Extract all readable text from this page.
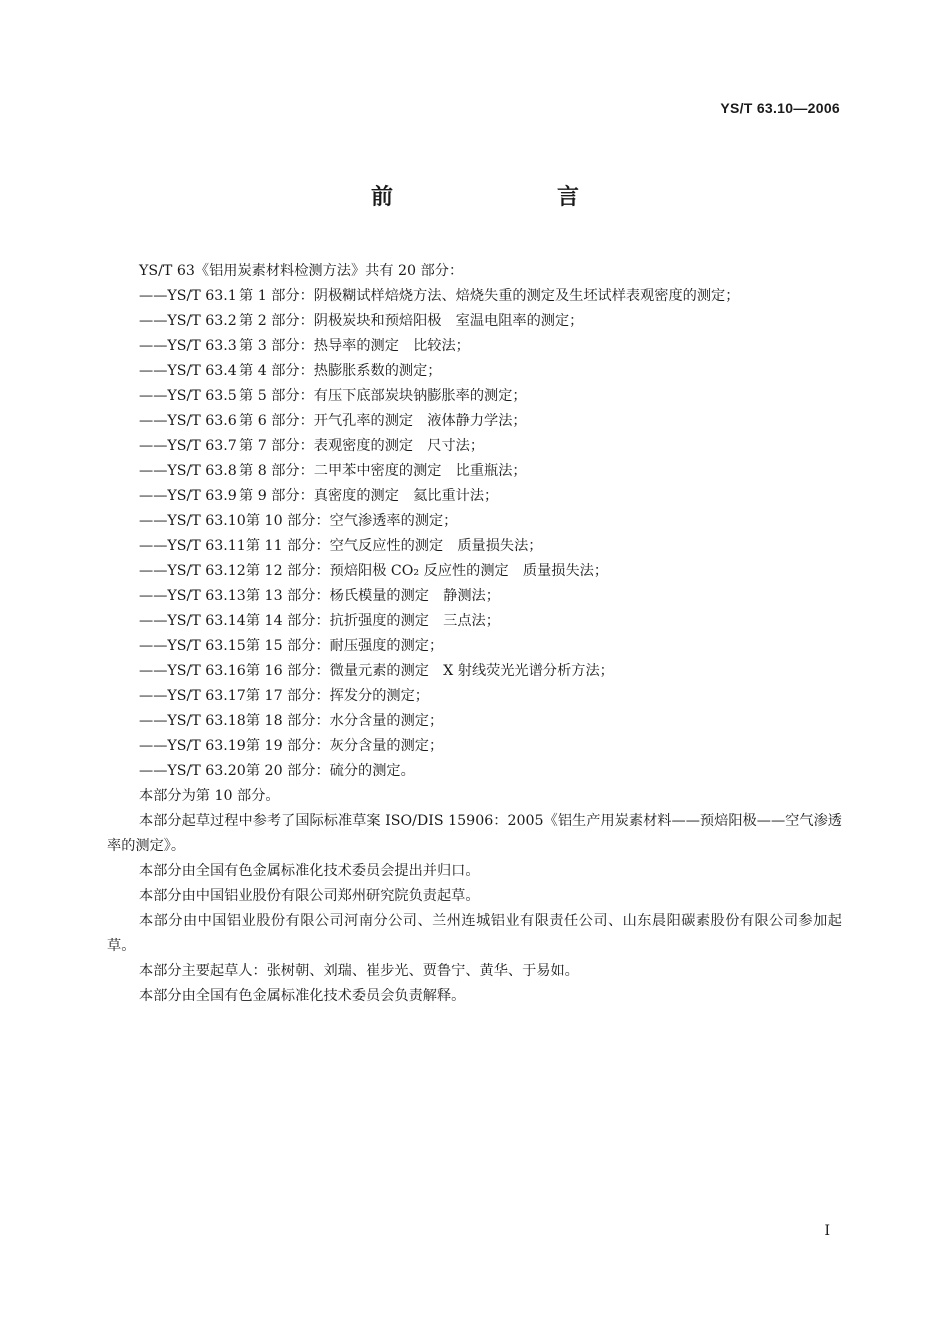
YS/T 63.10—2006
前　　言

YS/T 63《铝用炭素材料检测方法》共有 20 部分：

——YS/T 63.1 第 1 部分：阴极糊试样焙烧方法、焙烧失重的测定及生坯试样表观密度的测定；
——YS/T 63.2 第 2 部分：阴极炭块和预焙阳极　室温电阻率的测定；
——YS/T 63.3 第 3 部分：热导率的测定　比较法；
——YS/T 63.4 第 4 部分：热膨胀系数的测定；
——YS/T 63.5 第 5 部分：有压下底部炭块钠膨胀率的测定；
——YS/T 63.6 第 6 部分：开气孔率的测定　液体静力学法；
——YS/T 63.7 第 7 部分：表观密度的测定　尺寸法；
——YS/T 63.8 第 8 部分：二甲苯中密度的测定　比重瓶法；
——YS/T 63.9 第 9 部分：真密度的测定　氦比重计法；
——YS/T 63.10第 10 部分：空气渗透率的测定；
——YS/T 63.11第 11 部分：空气反应性的测定　质量损失法；
——YS/T 63.12第 12 部分：预焙阳极 CO₂ 反应性的测定　质量损失法；
——YS/T 63.13第 13 部分：杨氏模量的测定　静测法；
——YS/T 63.14第 14 部分：抗折强度的测定　三点法；
——YS/T 63.15第 15 部分：耐压强度的测定；
——YS/T 63.16第 16 部分：微量元素的测定　X 射线荧光光谱分析方法；
——YS/T 63.17第 17 部分：挥发分的测定；
——YS/T 63.18第 18 部分：水分含量的测定；
——YS/T 63.19第 19 部分：灰分含量的测定；
——YS/T 63.20第 20 部分：硫分的测定。

本部分为第 10 部分。

本部分起草过程中参考了国际标准草案 ISO/DIS 15906：2005《铝生产用炭素材料——预焙阳极——空气渗透率的测定》。

本部分由全国有色金属标准化技术委员会提出并归口。

本部分由中国铝业股份有限公司郑州研究院负责起草。

本部分由中国铝业股份有限公司河南分公司、兰州连城铝业有限责任公司、山东晨阳碳素股份有限公司参加起草。

本部分主要起草人：张树朝、刘瑞、崔步光、贾鲁宁、黄华、于易如。

本部分由全国有色金属标准化技术委员会负责解释。

I
